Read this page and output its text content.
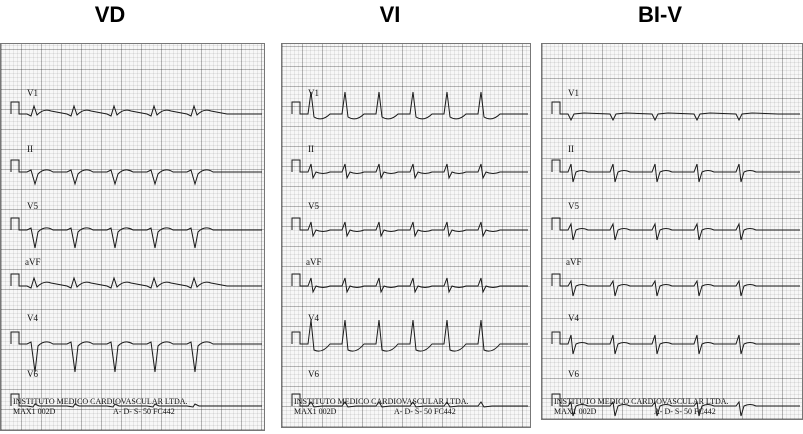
VD	VI	BI-V
V1
II
V5
aVF
V4
V6
INSTITUTO MEDICO CARDIOVASCULAR LTDA.
MAX1 002D	A- D- S- 50 FC442
V1
II
V5
aVF
V4
V6
INSTITUTO MEDICO CARDIOVASCULAR LTDA.
MAX1 002D	A- D- S- 50 FC442
V1
II
V5
aVF
V4
V6
INSTITUTO MEDICO CARDIOVASCULAR LTDA.
MAX1 002D	A- D- S- 50 FC442
